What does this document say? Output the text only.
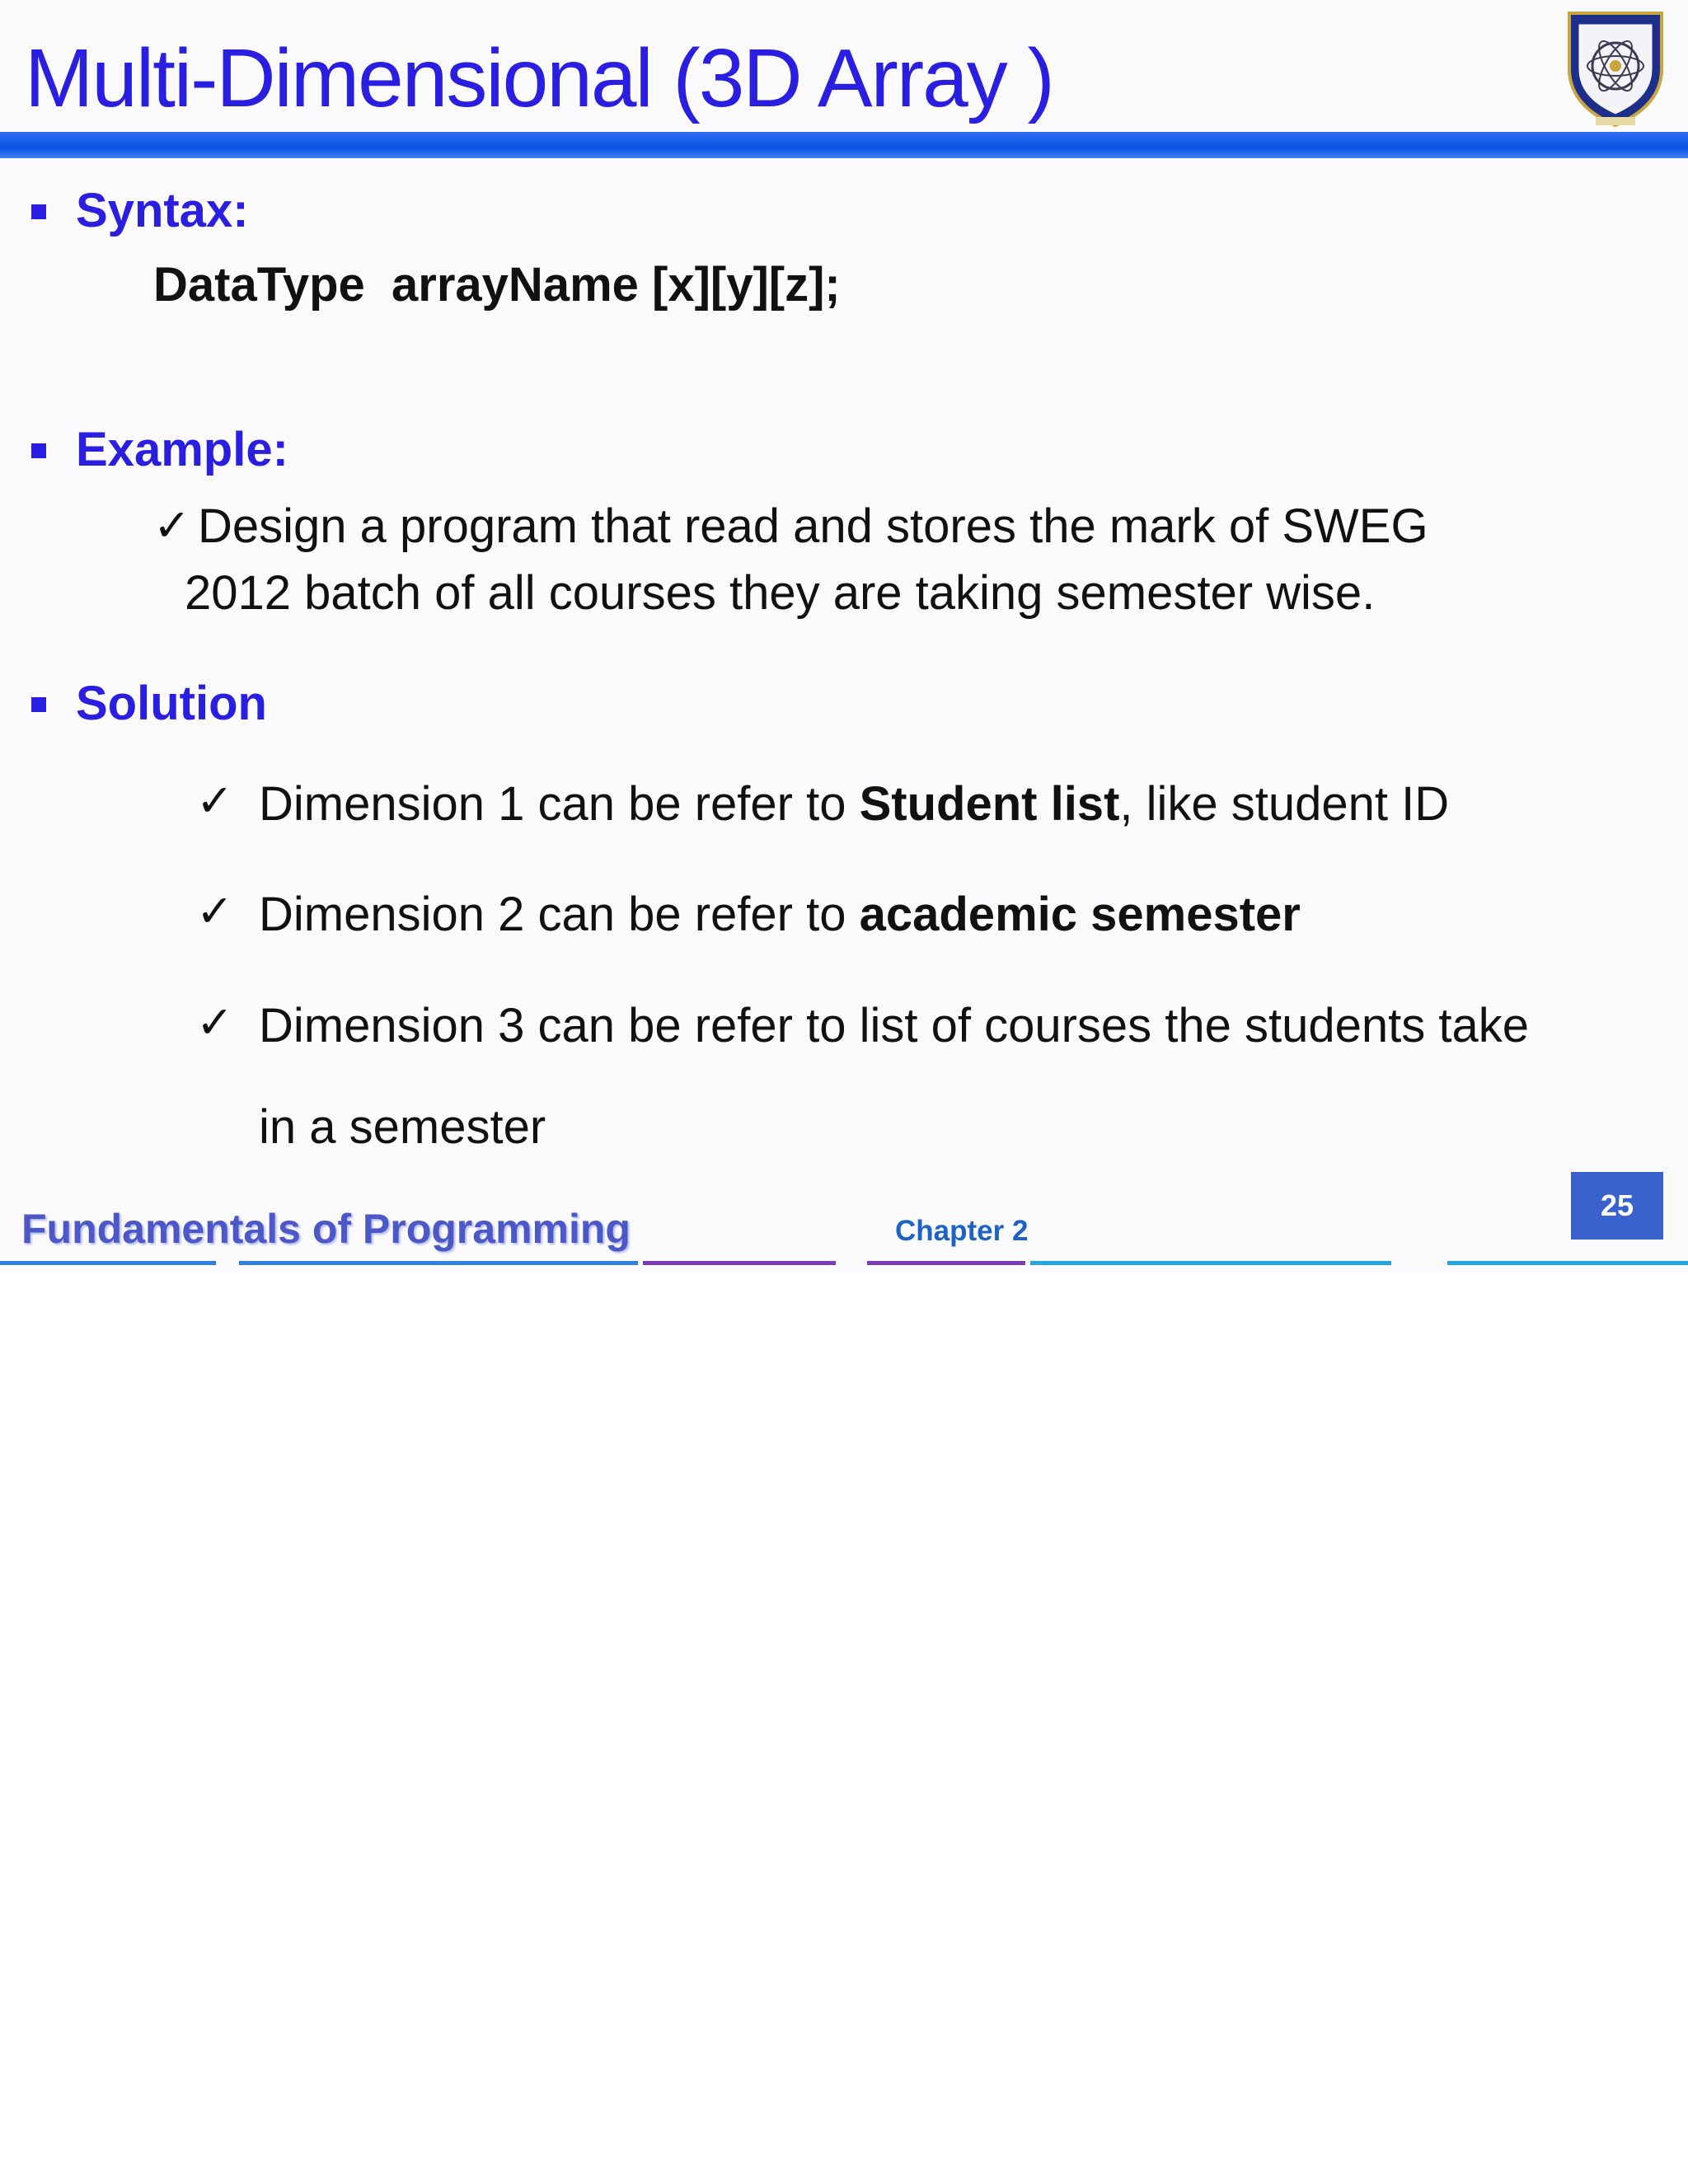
Multi-Dimensional (3D Array )
Syntax:
DataType  arrayName [x][y][z];
Example:
✓ Design a program that read and stores the mark of SWEG
2012 batch of all courses they are taking semester wise.
Solution
✓ Dimension 1 can be refer to Student list, like student ID
✓ Dimension 2 can be refer to academic semester
✓ Dimension 3 can be refer to list of courses the students take
in a semester
Fundamentals of Programming	Chapter 2
25
